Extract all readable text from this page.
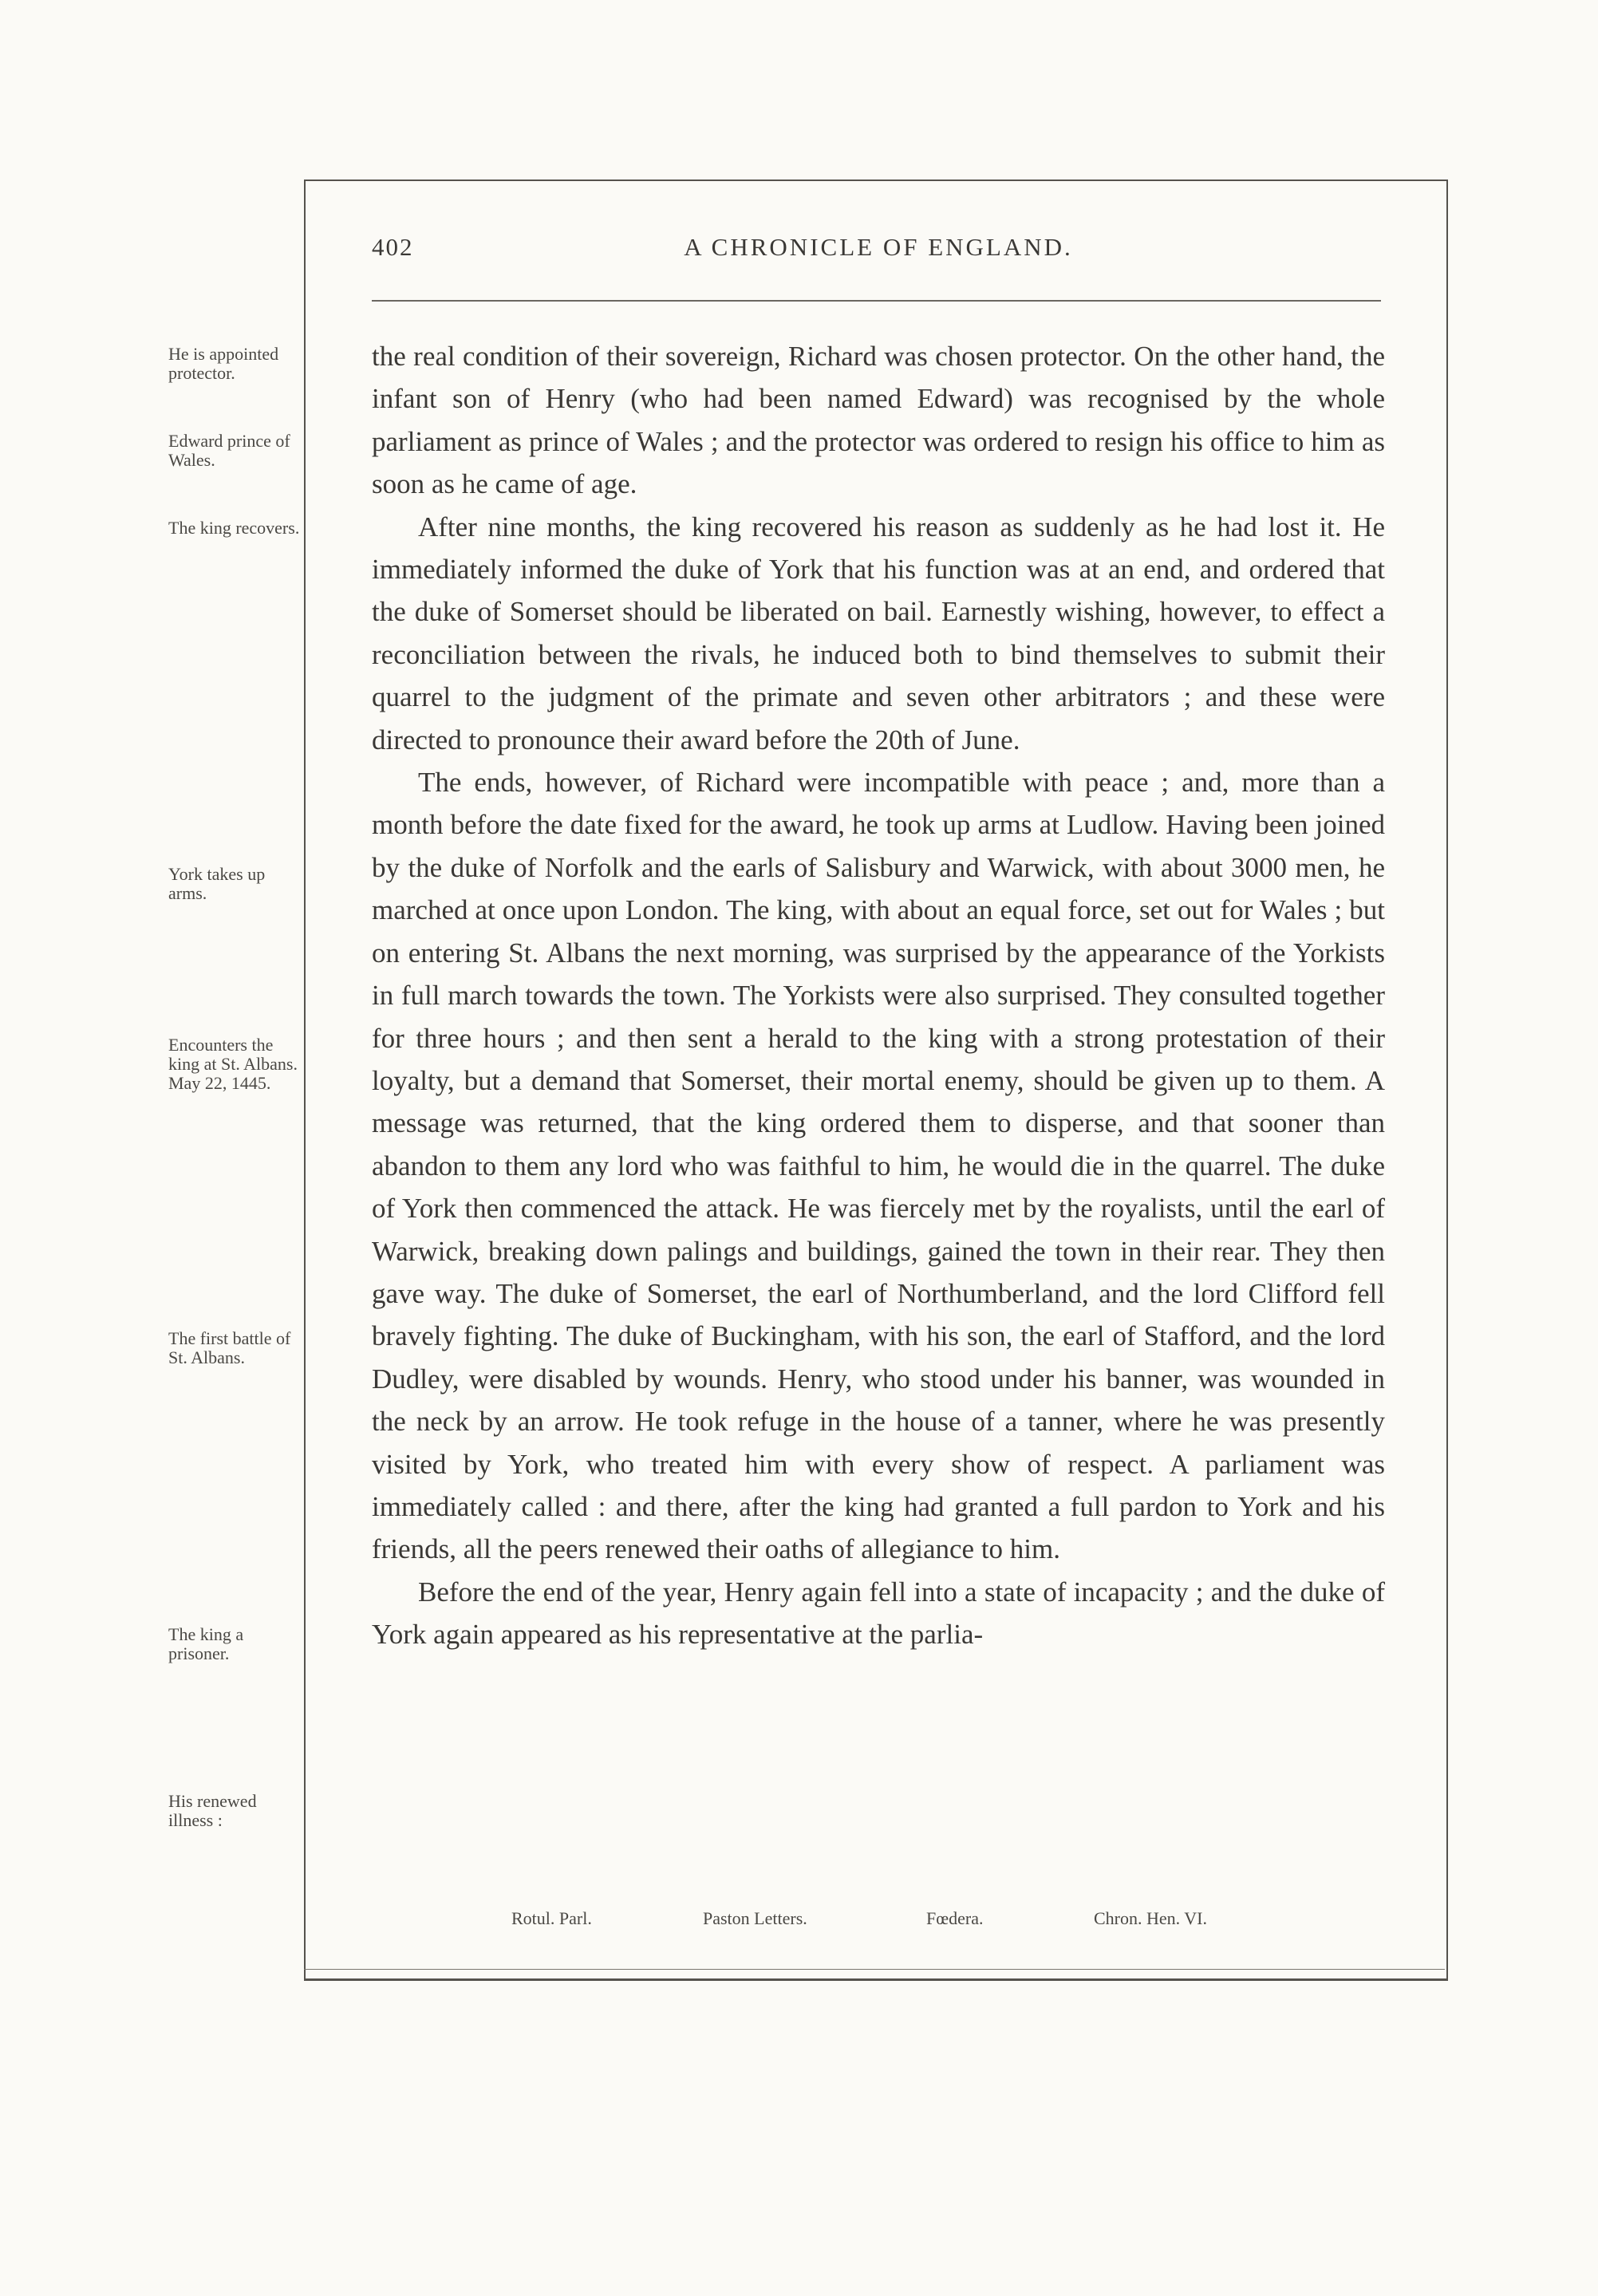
402	A CHRONICLE OF ENGLAND.
He is appointed protector.
Edward prince of Wales.
The king recovers.
York takes up arms.
Encounters the king at St. Albans. May 22, 1445.
The first battle of St. Albans.
The king a prisoner.
His renewed illness :

the real condition of their sovereign, Richard was chosen protector. On the other hand, the infant son of Henry (who had been named Edward) was recognised by the whole parliament as prince of Wales ; and the protector was ordered to resign his office to him as soon as he came of age.

After nine months, the king recovered his reason as suddenly as he had lost it. He immediately informed the duke of York that his function was at an end, and ordered that the duke of Somerset should be liberated on bail. Earnestly wishing, however, to effect a reconciliation between the rivals, he induced both to bind themselves to submit their quarrel to the judgment of the primate and seven other arbitrators ; and these were directed to pronounce their award before the 20th of June.

The ends, however, of Richard were incompatible with peace ; and, more than a month before the date fixed for the award, he took up arms at Ludlow. Having been joined by the duke of Norfolk and the earls of Salisbury and Warwick, with about 3000 men, he marched at once upon London. The king, with about an equal force, set out for Wales ; but on entering St. Albans the next morning, was surprised by the appearance of the Yorkists in full march towards the town. The Yorkists were also surprised. They consulted together for three hours ; and then sent a herald to the king with a strong protestation of their loyalty, but a demand that Somerset, their mortal enemy, should be given up to them. A message was returned, that the king ordered them to disperse, and that sooner than abandon to them any lord who was faithful to him, he would die in the quarrel. The duke of York then commenced the attack. He was fiercely met by the royalists, until the earl of Warwick, breaking down palings and buildings, gained the town in their rear. They then gave way. The duke of Somerset, the earl of Northumberland, and the lord Clifford fell bravely fighting. The duke of Buckingham, with his son, the earl of Stafford, and the lord Dudley, were disabled by wounds. Henry, who stood under his banner, was wounded in the neck by an arrow. He took refuge in the house of a tanner, where he was presently visited by York, who treated him with every show of respect. A parliament was immediately called : and there, after the king had granted a full pardon to York and his friends, all the peers renewed their oaths of allegiance to him.

Before the end of the year, Henry again fell into a state of incapacity ; and the duke of York again appeared as his representative at the parlia-

Rotul. Parl.	Paston Letters.	Fœdera.	Chron. Hen. VI.
